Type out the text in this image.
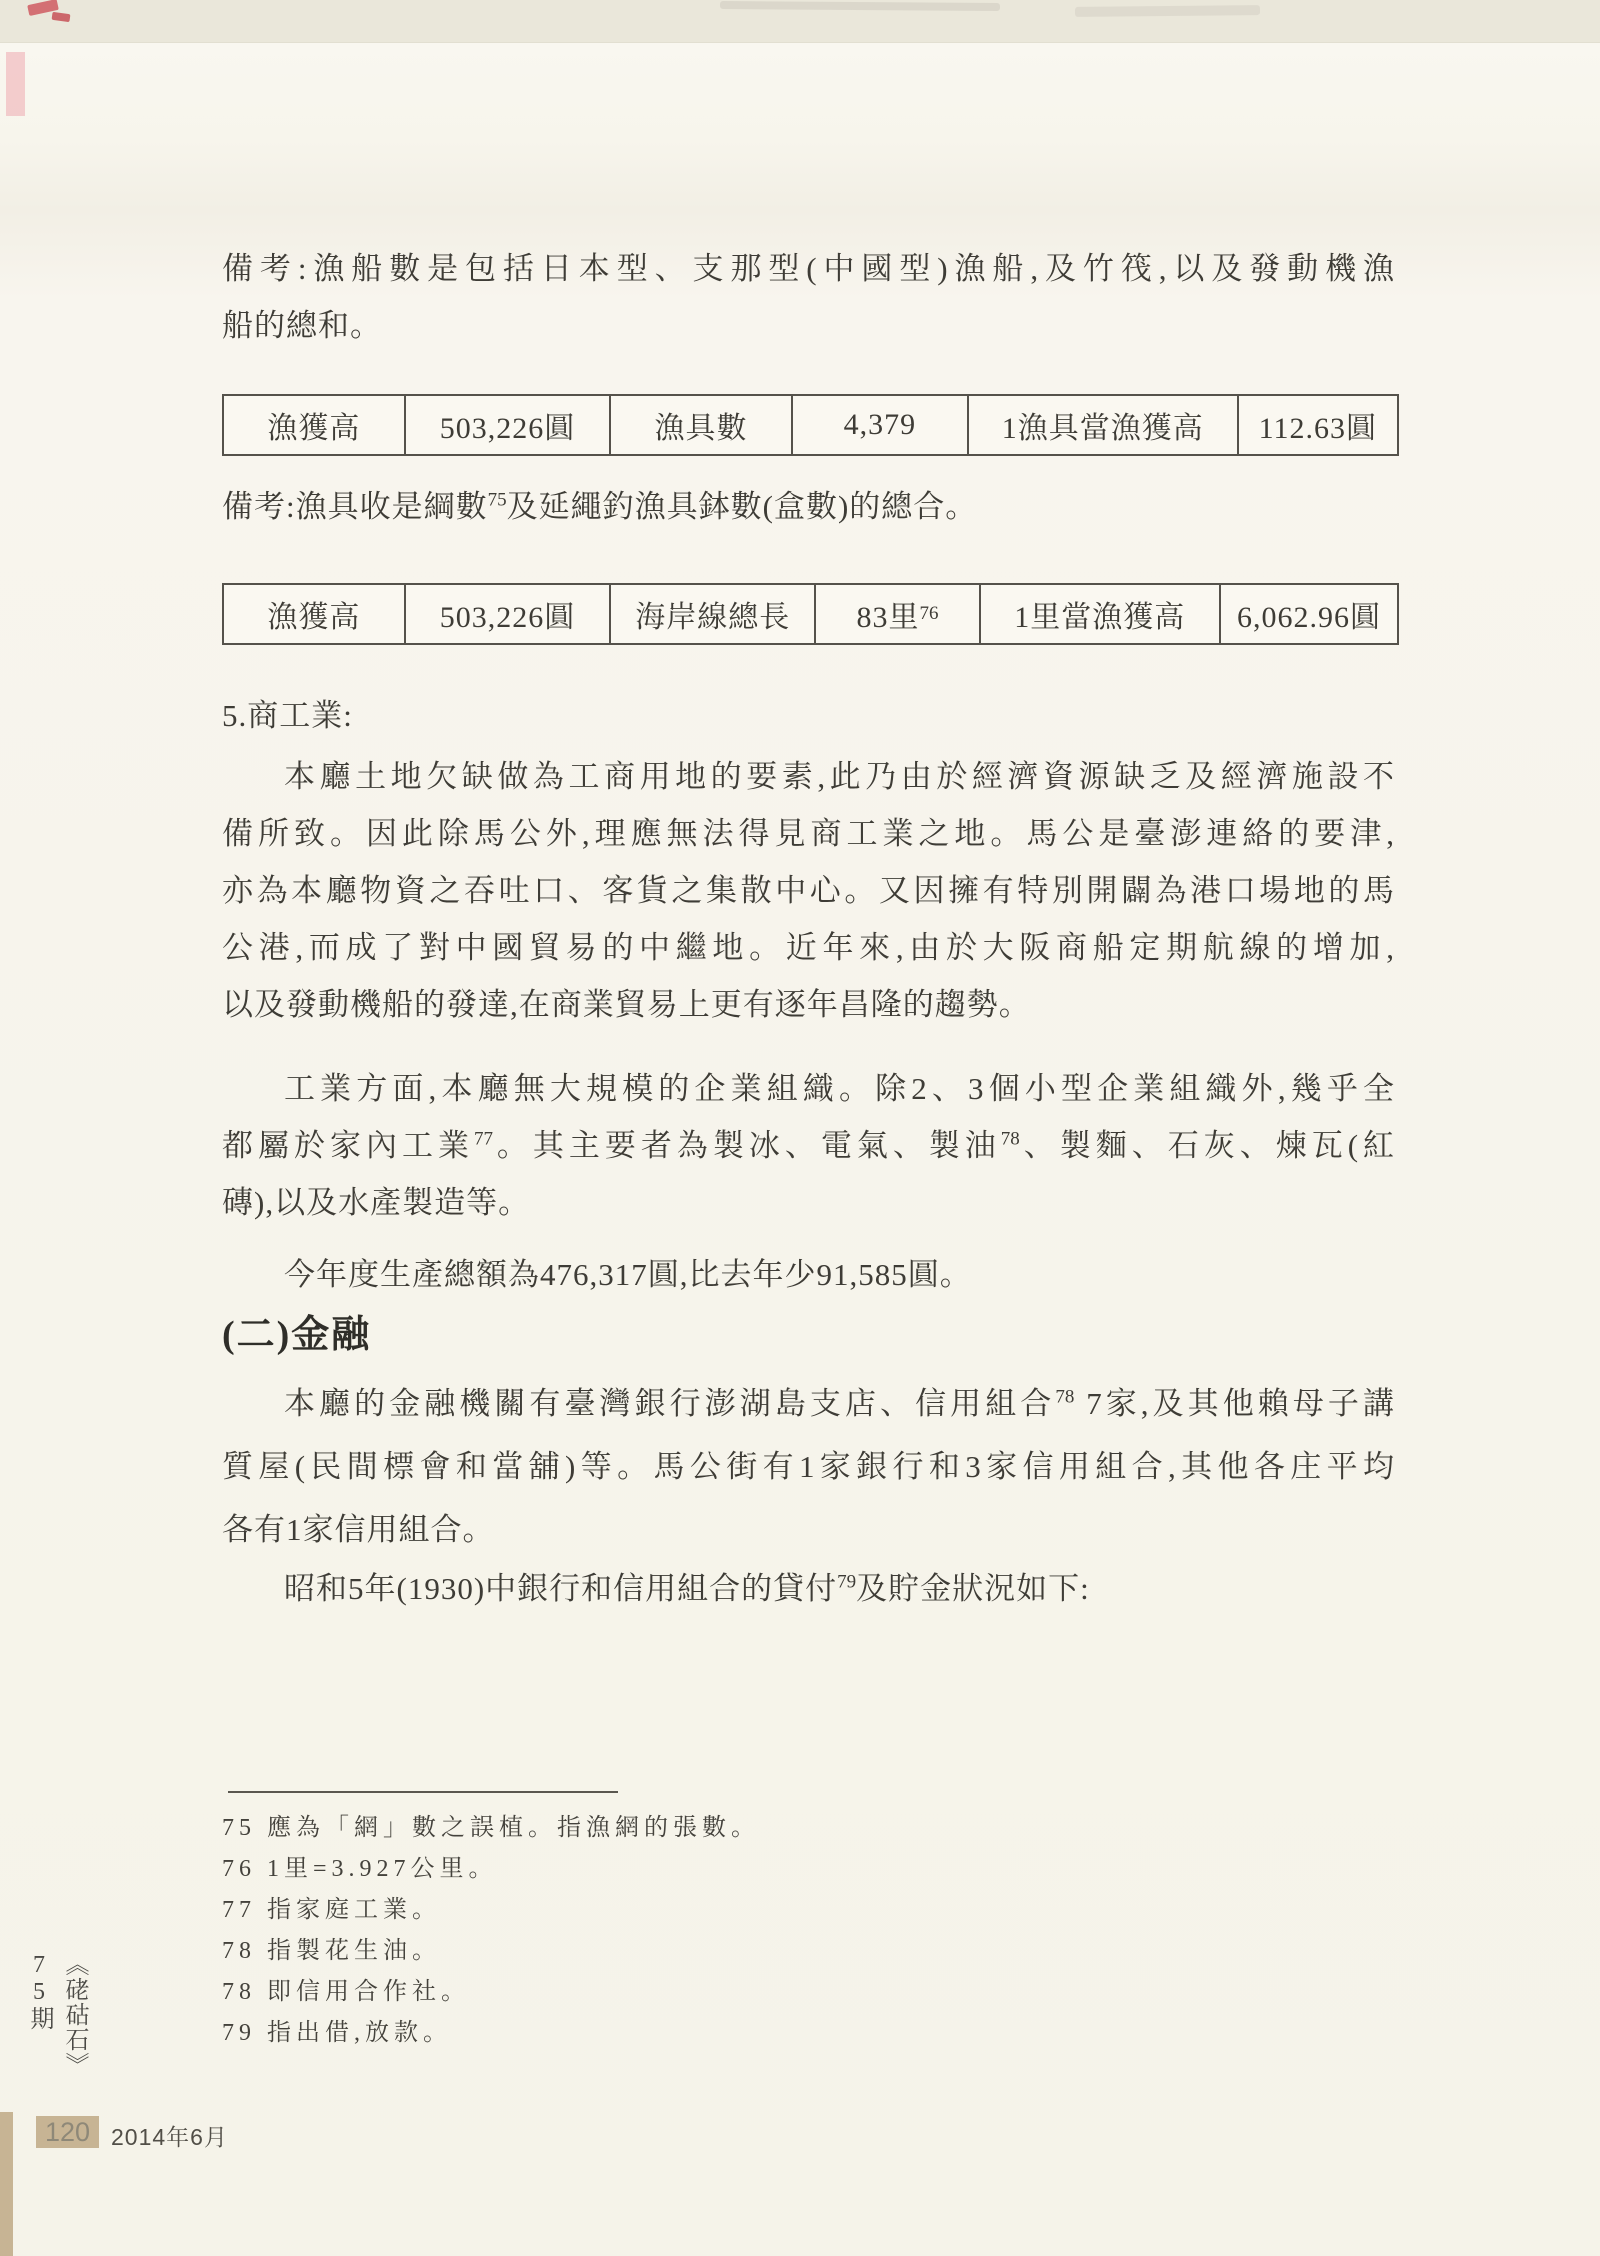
備考:漁船數是包括日本型、支那型(中國型)漁船,及竹筏,以及發動機漁
船的總和。
漁獲高	503,226圓	漁具數	4,379	1漁具當漁獲高	112.63圓
備考:漁具收是綱數$^{75}$及延繩釣漁具鉢數(盒數)的總合。
漁獲高	503,226圓	海岸線總長	83里 76	1里當漁獲高	6,062.96圓
5.商工業:
本廳土地欠缺做為工商用地的要素,此乃由於經濟資源缺乏及經濟施設不
備所致。因此除馬公外,理應無法得見商工業之地。馬公是臺澎連絡的要津,
亦為本廳物資之吞吐口、客貨之集散中心。又因擁有特別開闢為港口場地的馬
公港,而成了對中國貿易的中繼地。近年來,由於大阪商船定期航線的增加,
以及發動機船的發達,在商業貿易上更有逐年昌隆的趨勢。
工業方面,本廳無大規模的企業組織。除2、3個小型企業組織外,幾乎全
都屬於家內工業$^{77}$。其主要者為製冰、電氣、製油$^{78}$、製麵、石灰、煉瓦(紅
磚),以及水產製造等。
今年度生產總額為476,317圓,比去年少91,585圓。
(二)金融
本廳的金融機關有臺灣銀行澎湖島支店、信用組合$^{78}$ 7家,及其他賴母子講
質屋(民間標會和當舖)等。馬公街有1家銀行和3家信用組合,其他各庄平均
各有1家信用組合。
昭和5年(1930)中銀行和信用組合的貸付$^{79}$及貯金狀況如下:
75 應為「網」數之誤植。指漁網的張數。
76 1里=3.927公里。
77 指家庭工業。
78 指製花生油。
78 即信用合作社。
79 指出借,放款。
《硓𥑮石》75期
120 2014年6月
